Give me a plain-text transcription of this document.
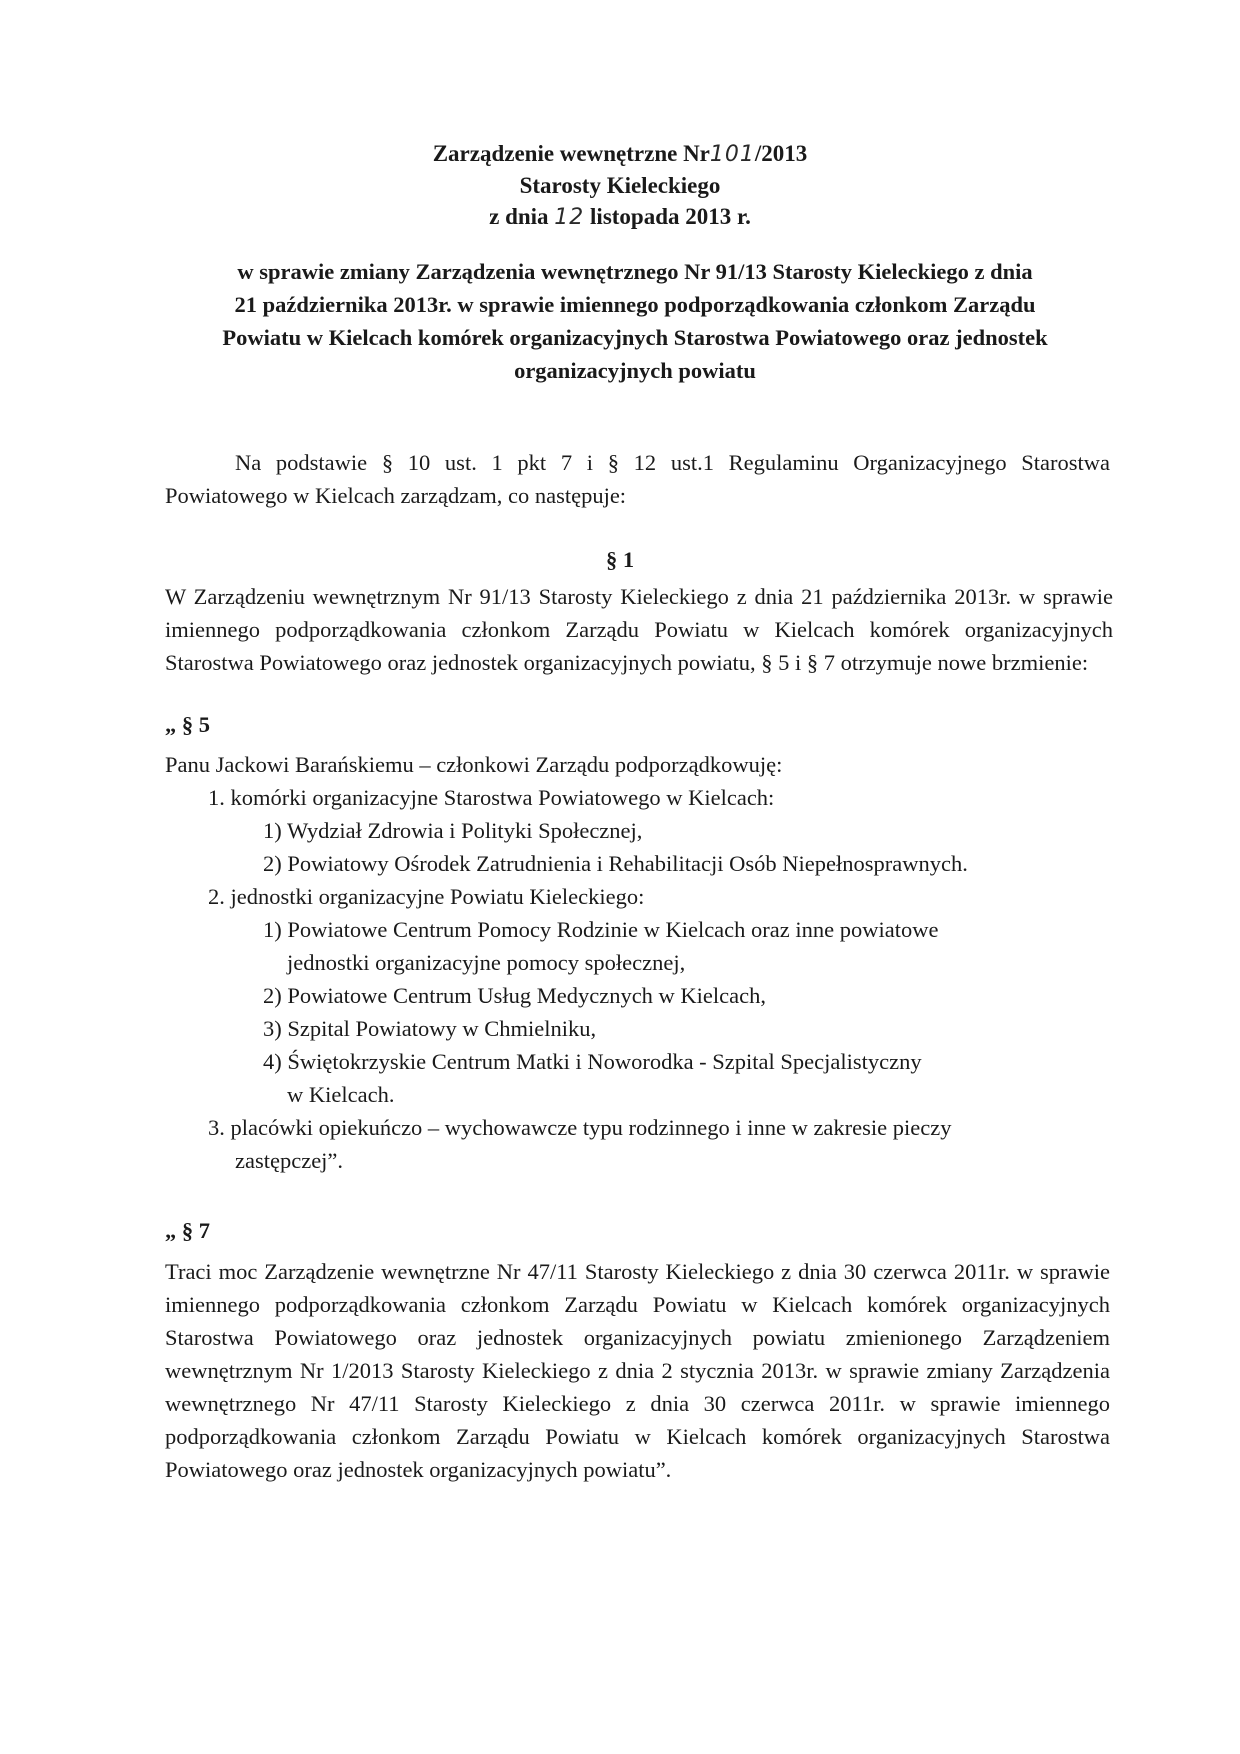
Zarządzenie wewnętrzne Nr101/2013
Starosty Kieleckiego
z dnia 12 listopada 2013 r.
w sprawie zmiany Zarządzenia wewnętrznego Nr 91/13 Starosty Kieleckiego z dnia
21 października 2013r. w sprawie imiennego podporządkowania członkom Zarządu
Powiatu w Kielcach komórek organizacyjnych Starostwa Powiatowego oraz jednostek
organizacyjnych powiatu
Na podstawie § 10 ust. 1 pkt 7 i § 12 ust.1 Regulaminu Organizacyjnego Starostwa Powiatowego w Kielcach zarządzam, co następuje:
§ 1
W Zarządzeniu wewnętrznym Nr 91/13 Starosty Kieleckiego z dnia 21 października 2013r. w sprawie imiennego podporządkowania członkom Zarządu Powiatu w Kielcach komórek organizacyjnych Starostwa Powiatowego oraz jednostek organizacyjnych powiatu, § 5 i § 7 otrzymuje nowe brzmienie:
„ § 5
Panu Jackowi Barańskiemu – członkowi Zarządu podporządkowuję:
1. komórki organizacyjne Starostwa Powiatowego w Kielcach:
1) Wydział Zdrowia i Polityki Społecznej,
2) Powiatowy Ośrodek Zatrudnienia i Rehabilitacji Osób Niepełnosprawnych.
2. jednostki organizacyjne Powiatu Kieleckiego:
1) Powiatowe Centrum Pomocy Rodzinie w Kielcach oraz inne powiatowe
jednostki organizacyjne pomocy społecznej,
2) Powiatowe Centrum Usług Medycznych w Kielcach,
3) Szpital Powiatowy w Chmielniku,
4) Świętokrzyskie Centrum Matki i Noworodka - Szpital Specjalistyczny
w Kielcach.
3. placówki opiekuńczo – wychowawcze typu rodzinnego i inne w zakresie pieczy
zastępczej”.
„ § 7
Traci moc Zarządzenie wewnętrzne Nr 47/11 Starosty Kieleckiego z dnia 30 czerwca 2011r. w sprawie imiennego podporządkowania członkom Zarządu Powiatu w Kielcach komórek organizacyjnych Starostwa Powiatowego oraz jednostek organizacyjnych powiatu zmienionego Zarządzeniem wewnętrznym Nr 1/2013 Starosty Kieleckiego z dnia 2 stycznia 2013r. w sprawie zmiany Zarządzenia wewnętrznego Nr 47/11 Starosty Kieleckiego z dnia 30 czerwca 2011r. w sprawie imiennego podporządkowania członkom Zarządu Powiatu w Kielcach komórek organizacyjnych Starostwa Powiatowego oraz jednostek organizacyjnych powiatu”.
